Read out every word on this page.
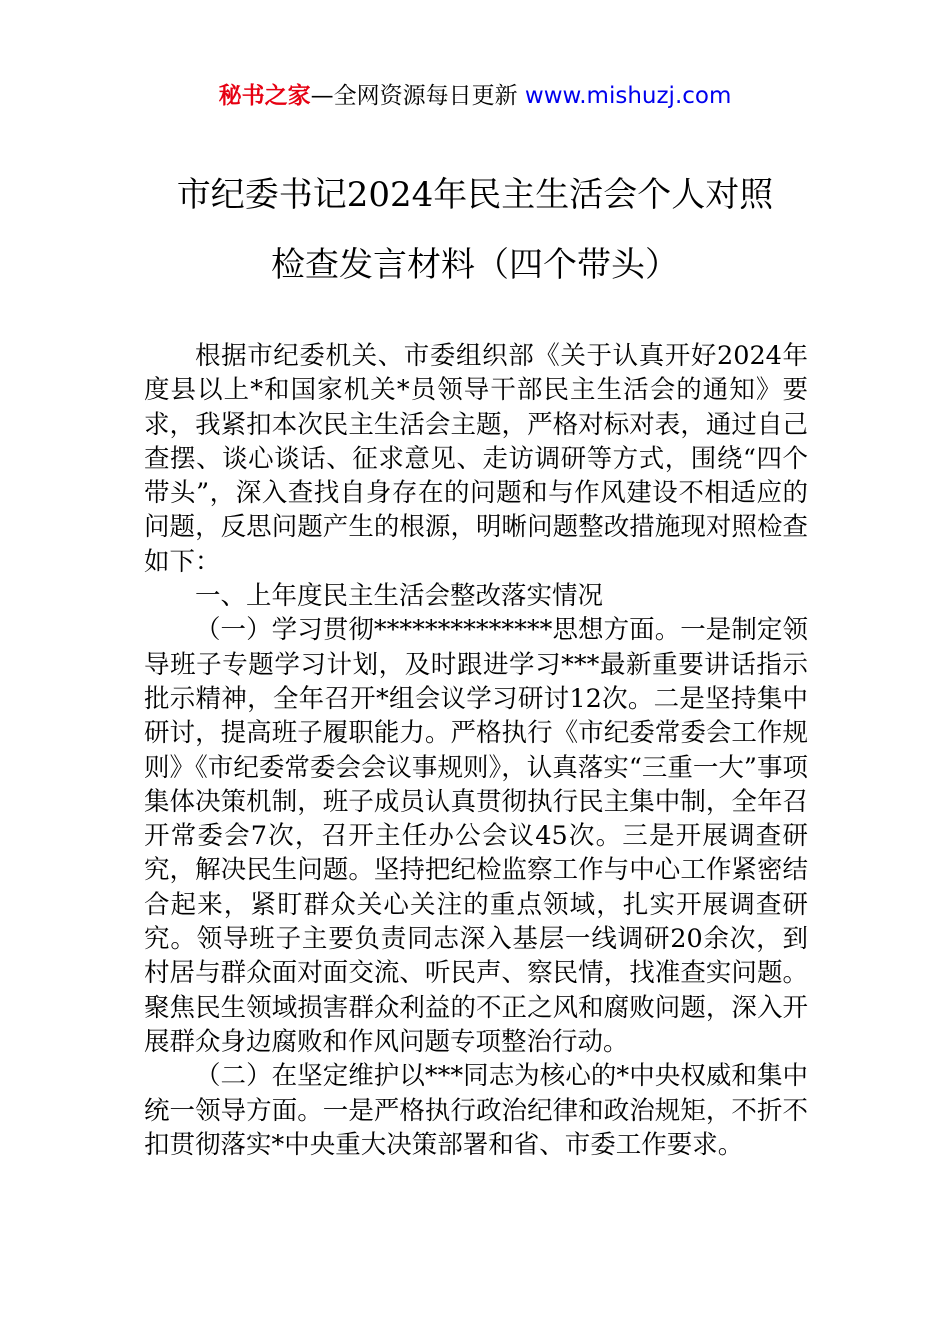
秘书之家—全网资源每日更新 www.mishuzj.com
市纪委书记2024年民主生活会个人对照
检查发言材料（四个带头）

根据市纪委机关、市委组织部《关于认真开好2024年度县以上*和国家机关*员领导干部民主生活会的通知》要求，我紧扣本次民主生活会主题，严格对标对表，通过自己查摆、谈心谈话、征求意见、走访调研等方式，围绕“四个带头”，深入查找自身存在的问题和与作风建设不相适应的问题，反思问题产生的根源，明晰问题整改措施现对照检查如下：

一、上年度民主生活会整改落实情况

（一）学习贯彻**************思想方面。一是制定领导班子专题学习计划，及时跟进学习***最新重要讲话指示批示精神，全年召开*组会议学习研讨12次。二是坚持集中研讨，提高班子履职能力。严格执行《市纪委常委会工作规则》《市纪委常委会会议事规则》，认真落实“三重一大”事项集体决策机制，班子成员认真贯彻执行民主集中制，全年召开常委会7次，召开主任办公会议45次。三是开展调查研究，解决民生问题。坚持把纪检监察工作与中心工作紧密结合起来，紧盯群众关心关注的重点领域，扎实开展调查研究。领导班子主要负责同志深入基层一线调研20余次，到村居与群众面对面交流、听民声、察民情，找准查实问题。聚焦民生领域损害群众利益的不正之风和腐败问题，深入开展群众身边腐败和作风问题专项整治行动。

（二）在坚定维护以***同志为核心的*中央权威和集中统一领导方面。一是严格执行政治纪律和政治规矩，不折不扣贯彻落实*中央重大决策部署和省、市委工作要求。
